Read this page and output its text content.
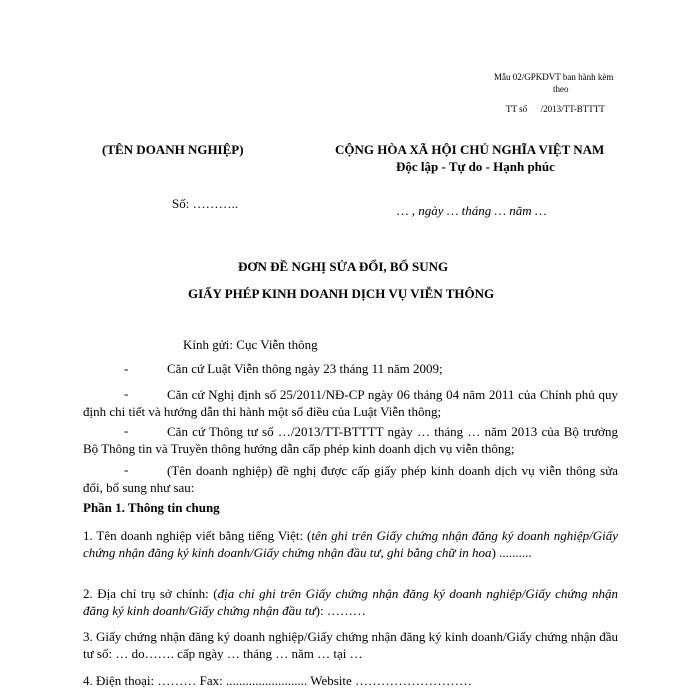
Mẫu 02/GPKDVT ban hành kèm
theo
TT số      /2013/TT-BTTTT
(TÊN DOANH NGHIỆP)	CỘNG HÒA XÃ HỘI CHỦ NGHĨA VIỆT NAM
Độc lập - Tự do - Hạnh phúc
Số: ………..	… , ngày … tháng … năm …
ĐƠN ĐỀ NGHỊ SỬA ĐỔI, BỔ SUNG
GIẤY PHÉP KINH DOANH DỊCH VỤ VIỄN THÔNG
Kính gửi: Cục Viễn thông
-	Căn cứ Luật Viễn thông ngày 23 tháng 11 năm 2009;
-	Căn cứ Nghị định số 25/2011/NĐ-CP ngày 06 tháng 04 năm 2011 của Chính phủ quy định chi tiết và hướng dẫn thi hành một số điều của Luật Viễn thông;
-	Căn cứ Thông tư số …/2013/TT-BTTTT ngày … tháng … năm 2013 của Bộ trưởng Bộ Thông tin và Truyền thông hướng dẫn cấp phép kinh doanh dịch vụ viễn thông;
-	(Tên doanh nghiệp) đề nghị được cấp giấy phép kinh doanh dịch vụ viễn thông sửa đổi, bổ sung như sau:
Phần 1. Thông tin chung
1. Tên doanh nghiệp viết bằng tiếng Việt: (tên ghi trên Giấy chứng nhận đăng ký doanh nghiệp/Giấy chứng nhận đăng ký kinh doanh/Giấy chứng nhận đầu tư, ghi bằng chữ in hoa) ..........
2. Địa chỉ trụ sở chính: (địa chỉ ghi trên Giấy chứng nhận đăng ký doanh nghiệp/Giấy chứng nhận đăng ký kinh doanh/Giấy chứng nhận đầu tư): ………
3. Giấy chứng nhận đăng ký doanh nghiệp/Giấy chứng nhận đăng ký kinh doanh/Giấy chứng nhận đầu tư số: … do……. cấp ngày … tháng … năm … tại …
4. Điện thoại: ……… Fax: ......................... Website ………………………
